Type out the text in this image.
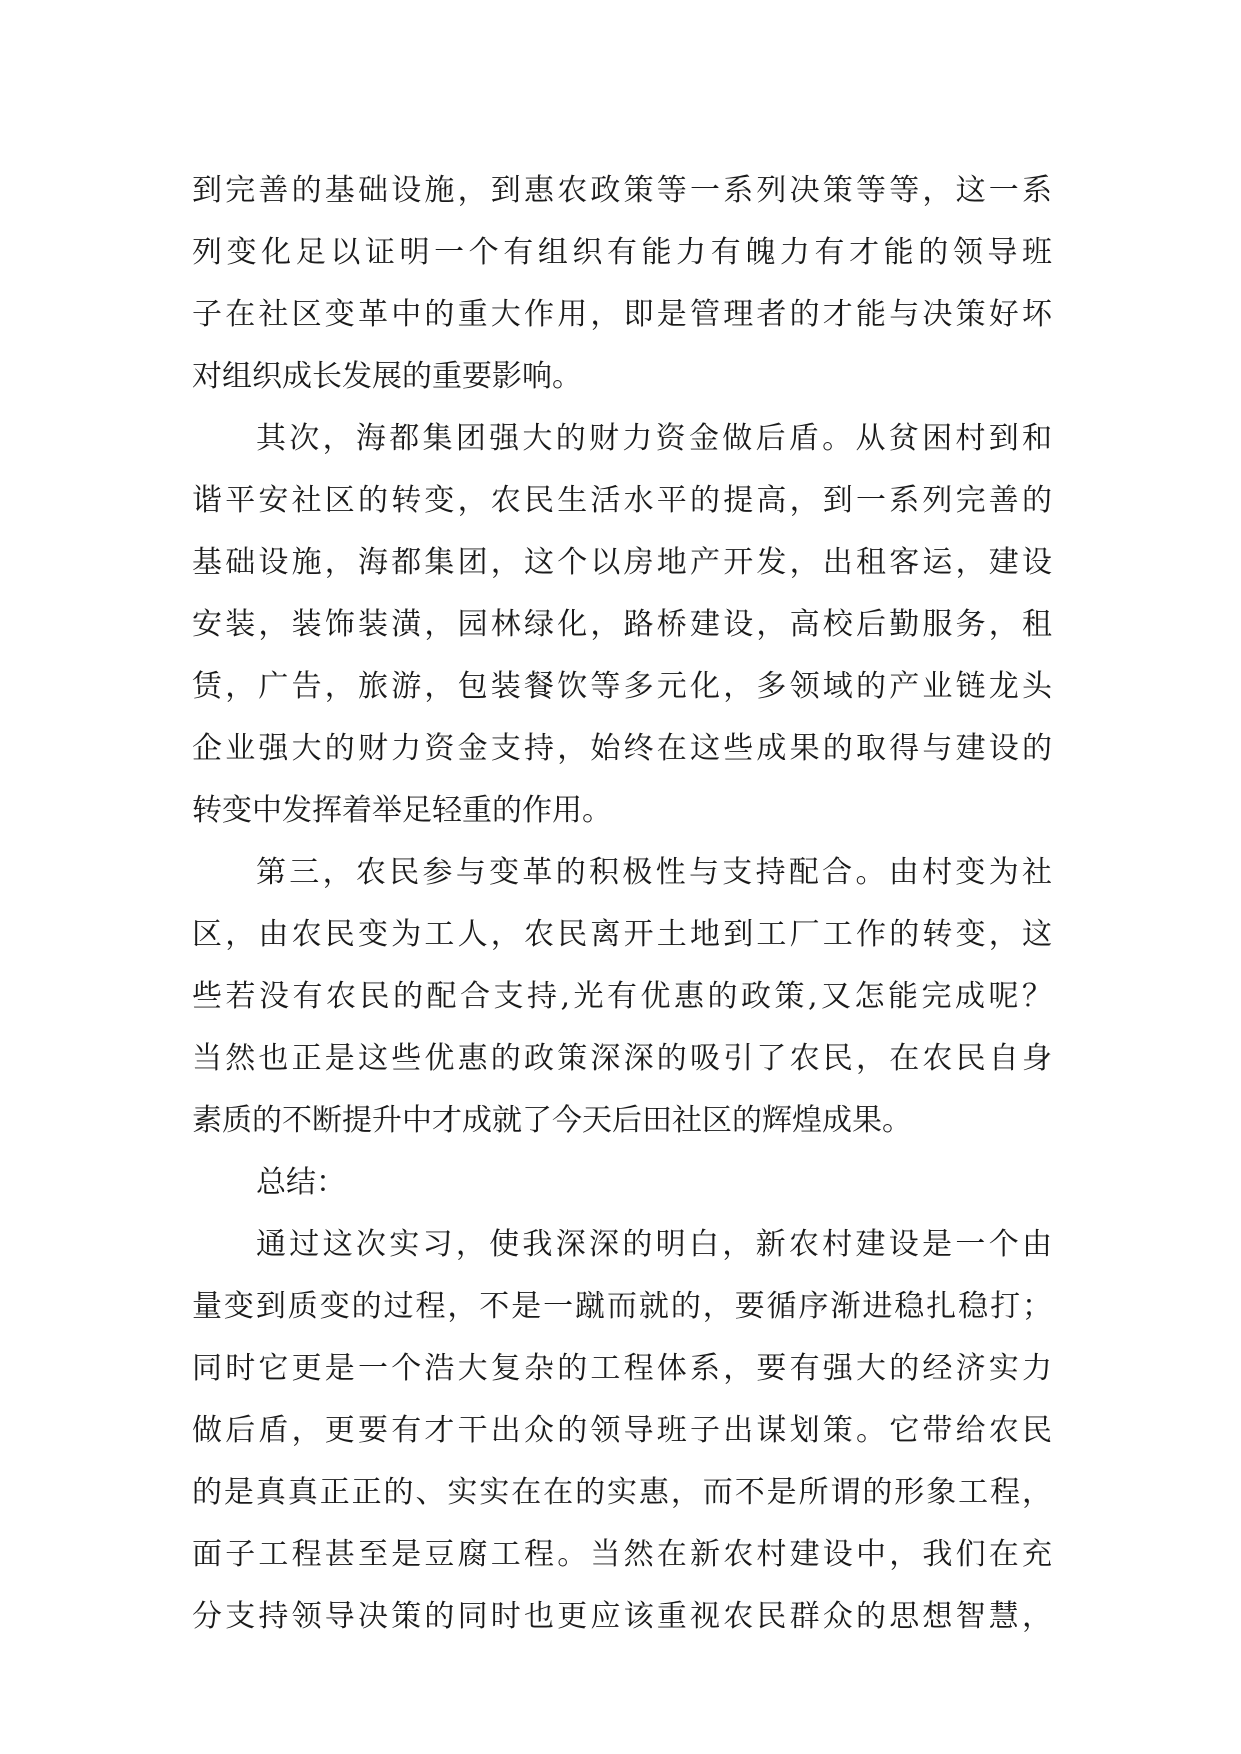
到完善的基础设施，到惠农政策等一系列决策等等，这一系
列变化足以证明一个有组织有能力有魄力有才能的领导班
子在社区变革中的重大作用，即是管理者的才能与决策好坏
对组织成长发展的重要影响。
其次，海都集团强大的财力资金做后盾。从贫困村到和
谐平安社区的转变，农民生活水平的提高，到一系列完善的
基础设施，海都集团，这个以房地产开发，出租客运，建设
安装，装饰装潢，园林绿化，路桥建设，高校后勤服务，租
赁，广告，旅游，包装餐饮等多元化，多领域的产业链龙头
企业强大的财力资金支持，始终在这些成果的取得与建设的
转变中发挥着举足轻重的作用。
第三，农民参与变革的积极性与支持配合。由村变为社
区，由农民变为工人，农民离开土地到工厂工作的转变，这
些若没有农民的配合支持,光有优惠的政策,又怎能完成呢？
当然也正是这些优惠的政策深深的吸引了农民，在农民自身
素质的不断提升中才成就了今天后田社区的辉煌成果。
总结：
通过这次实习，使我深深的明白，新农村建设是一个由
量变到质变的过程，不是一蹴而就的，要循序渐进稳扎稳打；
同时它更是一个浩大复杂的工程体系，要有强大的经济实力
做后盾，更要有才干出众的领导班子出谋划策。它带给农民
的是真真正正的、实实在在的实惠，而不是所谓的形象工程，
面子工程甚至是豆腐工程。当然在新农村建设中，我们在充
分支持领导决策的同时也更应该重视农民群众的思想智慧，
